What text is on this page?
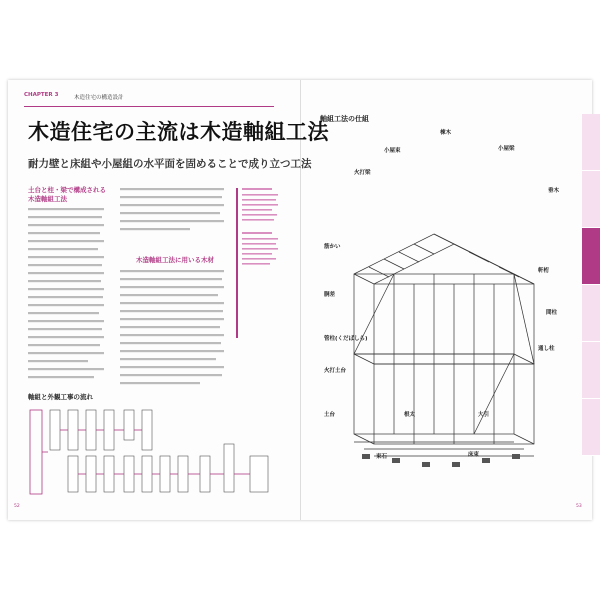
CHAPTER 3	木造住宅の構造設計
木造住宅の主流は木造軸組工法
耐力壁と床組や小屋組の水平面を固めることで成り立つ工法
土台と柱・梁で構成される木造軸組工法
木造軸組工法に用いる木材
軸組と外観工事の流れ
52
軸組工法の仕組
棟木
小屋束	小屋梁
火打梁
垂木
筋かい
軒桁
胴差
間柱
管柱(くだばしら)
通し柱
土台
火打土台
根太	大引
床束
束石
53
